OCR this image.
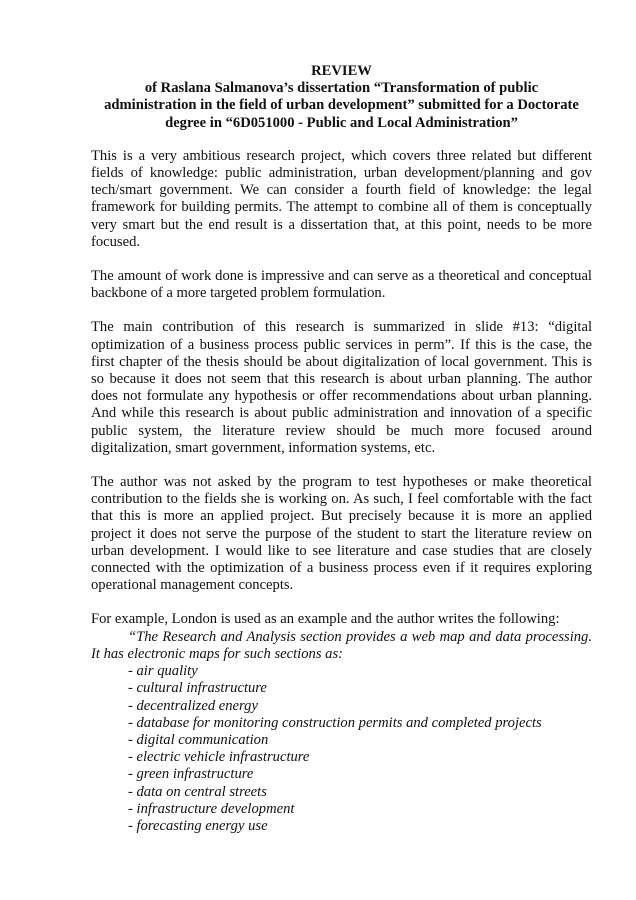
REVIEW
of Raslana Salmanova’s dissertation “Transformation of public
administration in the field of urban development” submitted for a Doctorate
degree in “6D051000 - Public and Local Administration”

This is a very ambitious research project, which covers three related but different fields of knowledge: public administration, urban development/planning and gov tech/smart government. We can consider a fourth field of knowledge: the legal framework for building permits. The attempt to combine all of them is conceptually very smart but the end result is a dissertation that, at this point, needs to be more focused.

The amount of work done is impressive and can serve as a theoretical and conceptual backbone of a more targeted problem formulation.

The main contribution of this research is summarized in slide #13: “digital optimization of a business process public services in perm”. If this is the case, the first chapter of the thesis should be about digitalization of local government. This is so because it does not seem that this research is about urban planning. The author does not formulate any hypothesis or offer recommendations about urban planning. And while this research is about public administration and innovation of a specific public system, the literature review should be much more focused around digitalization, smart government, information systems, etc.

The author was not asked by the program to test hypotheses or make theoretical contribution to the fields she is working on. As such, I feel comfortable with the fact that this is more an applied project. But precisely because it is more an applied project it does not serve the purpose of the student to start the literature review on urban development. I would like to see literature and case studies that are closely connected with the optimization of a business process even if it requires exploring operational management concepts.

For example, London is used as an example and the author writes the following:

“The Research and Analysis section provides a web map and data processing. It has electronic maps for such sections as:
- air quality
- cultural infrastructure
- decentralized energy
- database for monitoring construction permits and completed projects
- digital communication
- electric vehicle infrastructure
- green infrastructure
- data on central streets
- infrastructure development
- forecasting energy use
